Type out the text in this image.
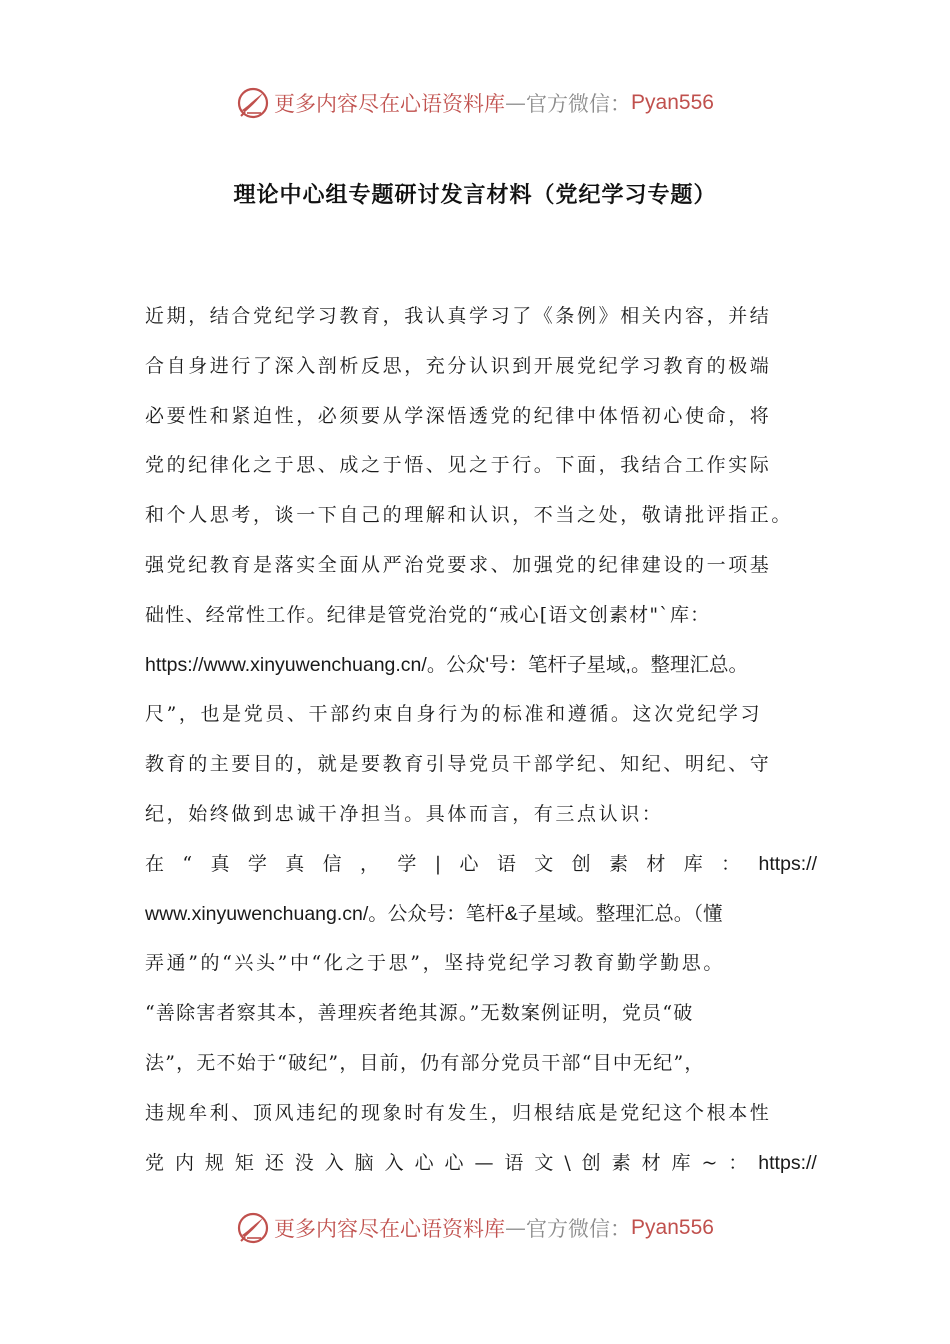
更多内容尽在心语资料库 — 官方微信： Pyan556
理论中心组专题研讨发言材料（党纪学习专题）
近期，结合党纪学习教育，我认真学习了《条例》相关内容，并结
合自身进行了深入剖析反思，充分认识到开展党纪学习教育的极端
必要性和紧迫性，必须要从学深悟透党的纪律中体悟初心使命，将
党的纪律化之于思、成之于悟、见之于行。下面，我结合工作实际
和个人思考，谈一下自己的理解和认识，不当之处，敬请批评指正。
强党纪教育是落实全面从严治党要求、加强党的纪律建设的一项基
础性、经常性工作。纪律是管党治党的“戒心[语文创素材"`库：
https://www.xinyuwenchuang.cn/。公众'号：笔杆子星域,。整理汇总。
尺”，也是党员、干部约束自身行为的标准和遵循。这次党纪学习
教育的主要目的，就是要教育引导党员干部学纪、知纪、明纪、守
纪，始终做到忠诚干净担当。具体而言，有三点认识：
在 “ 真 学 真 信 ， 学 | 心 语 文 创 素 材 库 ： https://
www.xinyuwenchuang.cn/。公众号：笔杆&子星域。整理汇总。（懂
弄通”的“兴头”中“化之于思”，坚持党纪学习教育勤学勤思。
“善除害者察其本，善理疾者绝其源。”无数案例证明，党员“破
法”，无不始于“破纪”，目前，仍有部分党员干部“目中无纪”，
违规牟利、顶风违纪的现象时有发生，归根结底是党纪这个根本性
党 内 规 矩 还 没 入 脑 入 心 心 — 语 文 \ 创 素 材 库 ~ ： https://
更多内容尽在心语资料库 — 官方微信： Pyan556
